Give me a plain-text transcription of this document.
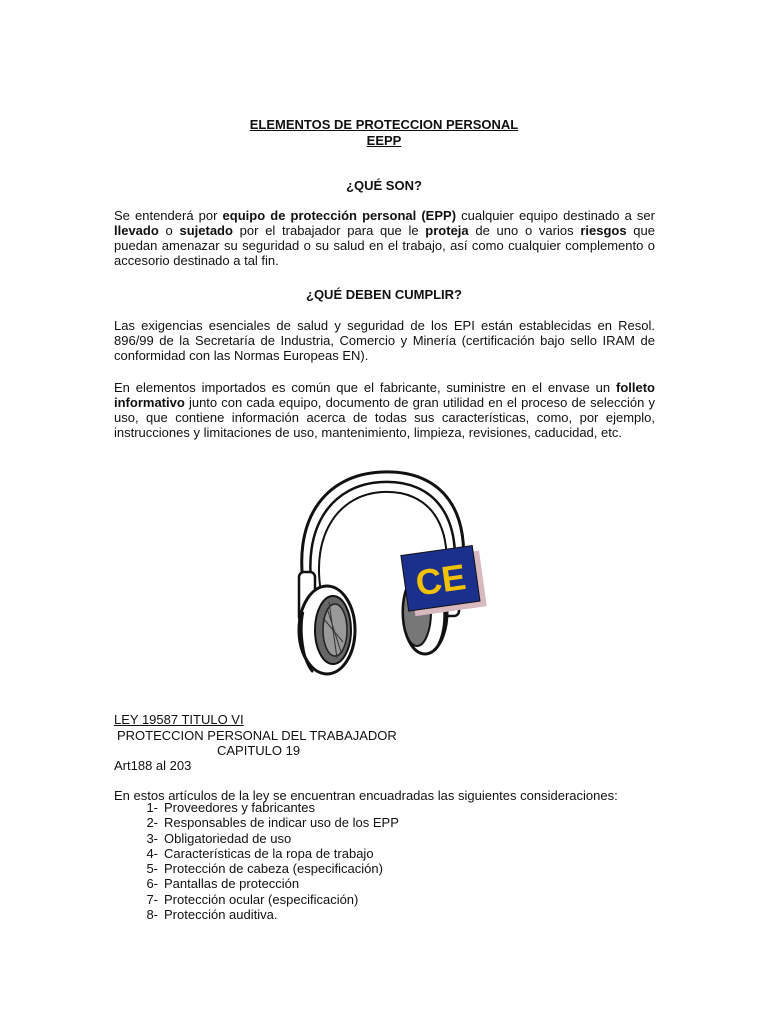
ELEMENTOS DE PROTECCION PERSONAL
EEPP
¿QUÉ SON?

Se entenderá por equipo de protección personal (EPP) cualquier equipo destinado a ser llevado o sujetado por el trabajador para que le proteja de uno o varios riesgos que puedan amenazar su seguridad o su salud en el trabajo, así como cualquier complemento o accesorio destinado a tal fin.

¿QUÉ DEBEN CUMPLIR?

Las exigencias esenciales de salud y seguridad de los EPI están establecidas en Resol. 896/99 de la Secretaría de Industria, Comercio y Minería (certificación bajo sello IRAM de conformidad con las Normas Europeas EN).

En elementos importados es común que el fabricante, suministre en el envase un folleto informativo junto con cada equipo, documento de gran utilidad en el proceso de selección y uso, que contiene información acerca de todas sus características, como, por ejemplo, instrucciones y limitaciones de uso, mantenimiento, limpieza, revisiones, caducidad, etc.

CE
LEY 19587 TITULO VI
PROTECCION PERSONAL DEL TRABAJADOR
CAPITULO 19
Art188 al 203
En estos artículos de la ley se encuentran encuadradas las siguientes consideraciones:
1- Proveedores y fabricantes
2- Responsables de indicar uso de los EPP
3- Obligatoriedad de uso
4- Características de la ropa de trabajo
5- Protección de cabeza (especificación)
6- Pantallas de protección
7- Protección ocular (especificación)
8- Protección auditiva.
